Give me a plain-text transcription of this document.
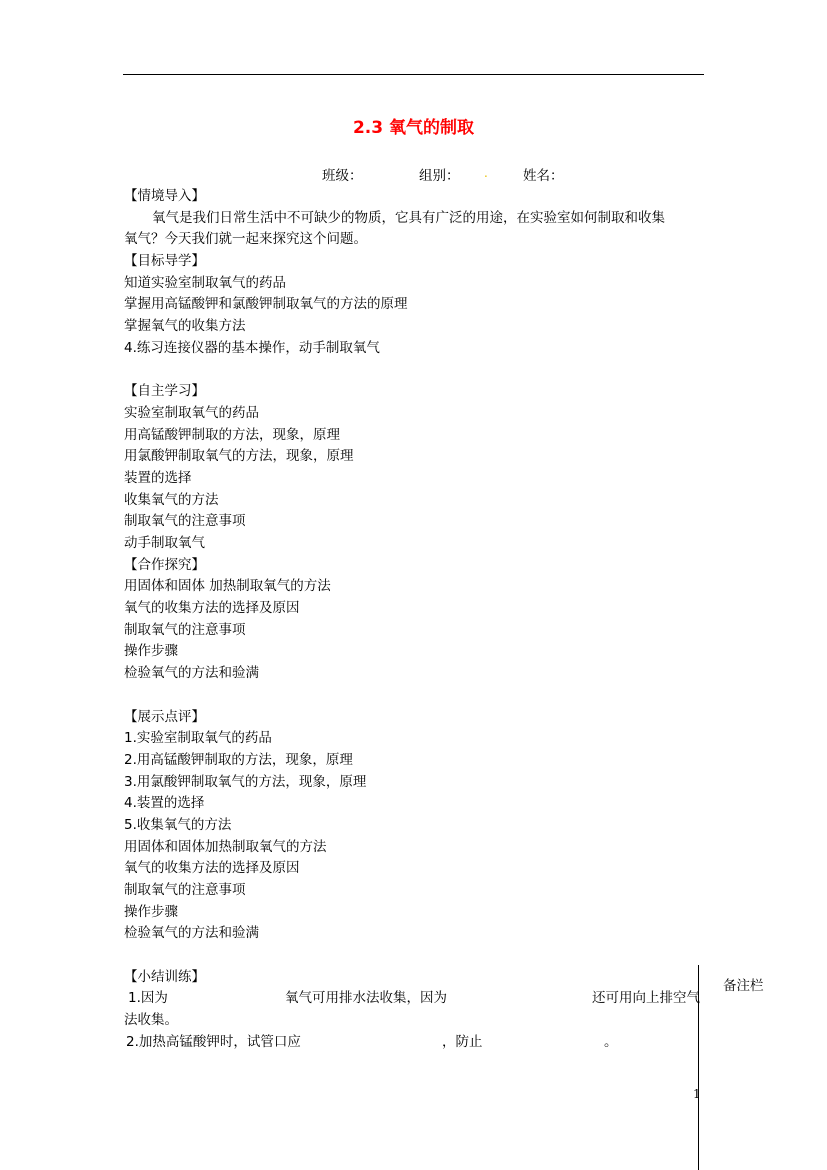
2.3 氧气的制取
班级：	组别： .	姓名：
【情境导入】
氧气是我们日常生活中不可缺少的物质，它具有广泛的用途，在实验室如何制取和收集
氧气？今天我们就一起来探究这个问题。
【目标导学】
知道实验室制取氧气的药品
掌握用高锰酸钾和氯酸钾制取氧气的方法的原理
掌握氧气的收集方法
4.练习连接仪器的基本操作，动手制取氧气
【自主学习】
实验室制取氧气的药品
用高锰酸钾制取的方法，现象，原理
用氯酸钾制取氧气的方法，现象，原理
装置的选择
收集氧气的方法
制取氧气的注意事项
动手制取氧气
【合作探究】
用固体和固体 加热制取氧气的方法
氧气的收集方法的选择及原因
制取氧气的注意事项
操作步骤
检验氧气的方法和验满
【展示点评】
1.实验室制取氧气的药品
2.用高锰酸钾制取的方法，现象，原理
3.用氯酸钾制取氧气的方法，现象，原理
4.装置的选择
5.收集氧气的方法
用固体和固体加热制取氧气的方法
氧气的收集方法的选择及原因
制取氧气的注意事项
操作步骤
检验氧气的方法和验满
【小结训练】
1.因为	氧气可用排水法收集，因为	还可用向上排空气
法收集。
2.加热高锰酸钾时，试管口应	，防止	。
备注栏
1
